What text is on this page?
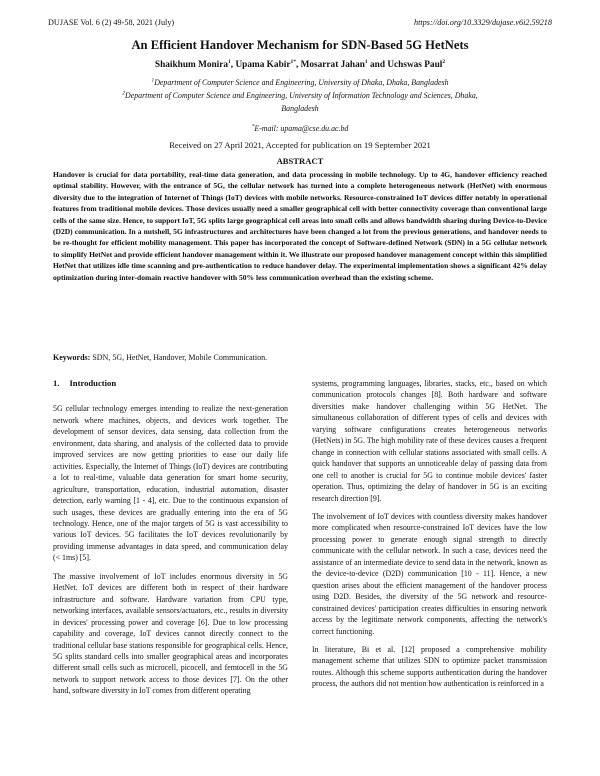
DUJASE Vol. 6 (2) 49-58, 2021 (July)	https://doi.org/10.3329/dujase.v6i2.59218
An Efficient Handover Mechanism for SDN-Based 5G HetNets
Shaikhum Monira$^1$, Upama Kabir$^{1*}$, Mosarrat Jahan$^1$ and Uchswas Paul$^2$
$^1$Department of Computer Science and Engineering, University of Dhaka, Dhaka, Bangladesh
$^2$Department of Computer Science and Engineering, University of Information Technology and Sciences, Dhaka,
Bangladesh
*E-mail: upama@cse.du.ac.bd
Received on 27 April 2021, Accepted for publication on 19 September 2021
ABSTRACT
Handover is crucial for data portability, real-time data generation, and data processing in mobile technology. Up to 4G, handover efficiency reached optimal stability. However, with the entrance of 5G, the cellular network has turned into a complete heterogeneous network (HetNet) with enormous diversity due to the integration of Internet of Things (IoT) devices with mobile networks. Resource-constrained IoT devices differ notably in operational features from traditional mobile devices. Those devices usually need a smaller geographical cell with better connectivity coverage than conventional large cells of the same size. Hence, to support IoT, 5G splits large geographical cell areas into small cells and allows bandwidth sharing during Device-to-Device (D2D) communication. In a nutshell, 5G infrastructures and architectures have been changed a lot from the previous generations, and handover needs to be re-thought for efficient mobility management. This paper has incorporated the concept of Software-defined Network (SDN) in a 5G cellular network to simplify HetNet and provide efficient handover management within it. We illustrate our proposed handover management concept within this simplified HetNet that utilizes idle time scanning and pre-authentication to reduce handover delay. The experimental implementation shows a significant 42% delay optimization during inter-domain reactive handover with 50% less communication overhead than the existing scheme.
Keywords: SDN, 5G, HetNet, Handover, Mobile Communication.
1. Introduction

5G cellular technology emerges intending to realize the next-generation network where machines, objects, and devices work together. The development of sensor devices, data sensing, data collection from the environment, data sharing, and analysis of the collected data to provide improved services are now getting priorities to ease our daily life activities. Especially, the Internet of Things (IoT) devices are contributing a lot to real-time, valuable data generation for smart home security, agriculture, transportation, education, industrial automation, disaster detection, early warning [1 - 4], etc. Due to the continuous expansion of such usages, these devices are gradually entering into the era of 5G technology. Hence, one of the major targets of 5G is vast accessibility to various IoT devices. 5G facilitates the IoT devices revolutionarily by providing immense advantages in data speed, and communication delay (< 1ms) [5].

The massive involvement of IoT includes enormous diversity in 5G HetNet. IoT devices are different both in respect of their hardware infrastructure and software. Hardware variation from CPU type, networking interfaces, available sensors/actuators, etc., results in diversity in devices' processing power and coverage [6]. Due to low processing capability and coverage, IoT devices cannot directly connect to the traditional cellular base stations responsible for geographical cells. Hence, 5G splits standard cells into smaller geographical areas and incorporates different small cells such as microcell, picocell, and femtocell in the 5G network to support network access to those devices [7]. On the other hand, software diversity in IoT comes from different operating

systems, programming languages, libraries, stacks, etc., based on which communication protocols changes [8]. Both hardware and software diversities make handover challenging within 5G HetNet. The simultaneous collaboration of different types of cells and devices with varying software configurations creates heterogeneous networks (HetNets) in 5G. The high mobility rate of these devices causes a frequent change in connection with cellular stations associated with small cells. A quick handover that supports an unnoticeable delay of passing data from one cell to another is crucial for 5G to continue mobile devices' faster operation. Thus, optimizing the delay of handover in 5G is an exciting research direction [9].

The involvement of IoT devices with countless diversity makes handover more complicated when resource-constrained IoT devices have the low processing power to generate enough signal strength to directly communicate with the cellular network. In such a case, devices need the assistance of an intermediate device to send data in the network, known as the device-to-device (D2D) communication [10 - 11]. Hence, a new question arises about the efficient management of the handover process using D2D. Besides, the diversity of the 5G network and resource-constrained devices' participation creates difficulties in ensuring network access by the legitimate network components, affecting the network's correct functioning.

In literature, Bi et al. [12] proposed a comprehensive mobility management scheme that utilizes SDN to optimize packet transmission routes. Although this scheme supports authentication during the handover process, the authors did not mention how authentication is reinforced in a
